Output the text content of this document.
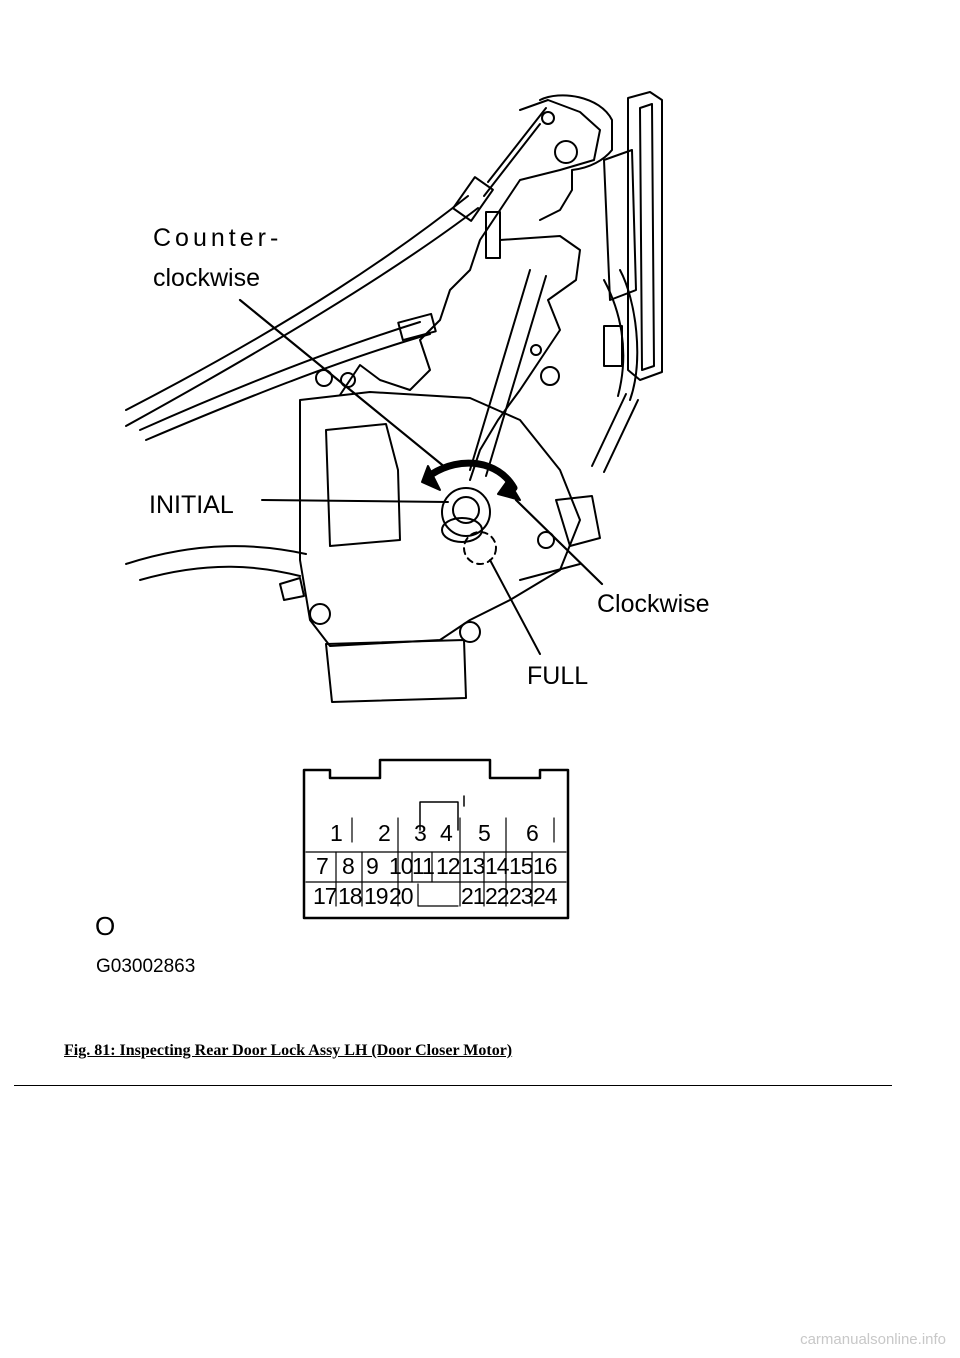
Counter-
clockwise
INITIAL
Clockwise
FULL
1 2 3 4 5 6
7 8 9 10 11 12 13 14 15 16
17 18 19 20 21 22 23 24
O
G03002863
Fig. 81: Inspecting Rear Door Lock Assy LH (Door Closer Motor)
carmanualsonline.info
